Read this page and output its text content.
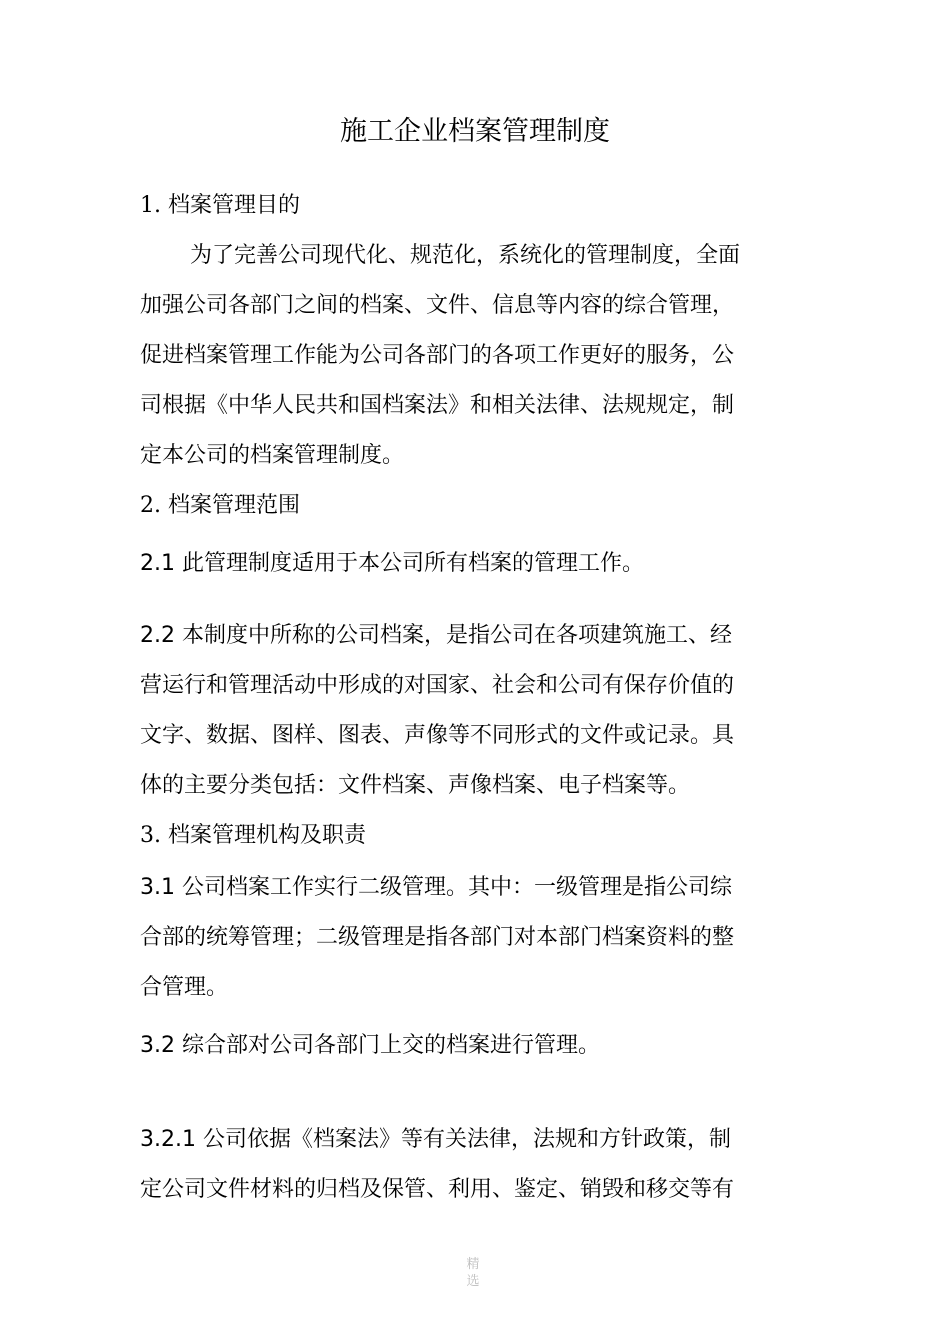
施工企业档案管理制度
1. 档案管理目的
为了完善公司现代化、规范化，系统化的管理制度，全面
加强公司各部门之间的档案、文件、信息等内容的综合管理，
促进档案管理工作能为公司各部门的各项工作更好的服务，公
司根据《中华人民共和国档案法》和相关法律、法规规定，制
定本公司的档案管理制度。
2. 档案管理范围
2.1 此管理制度适用于本公司所有档案的管理工作。
2.2 本制度中所称的公司档案，是指公司在各项建筑施工、经
营运行和管理活动中形成的对国家、社会和公司有保存价值的
文字、数据、图样、图表、声像等不同形式的文件或记录。具
体的主要分类包括：文件档案、声像档案、电子档案等。
3. 档案管理机构及职责
3.1 公司档案工作实行二级管理。其中：一级管理是指公司综
合部的统筹管理；二级管理是指各部门对本部门档案资料的整
合管理。
3.2 综合部对公司各部门上交的档案进行管理。
3.2.1 公司依据《档案法》等有关法律，法规和方针政策，制
定公司文件材料的归档及保管、利用、鉴定、销毁和移交等有
精
选
